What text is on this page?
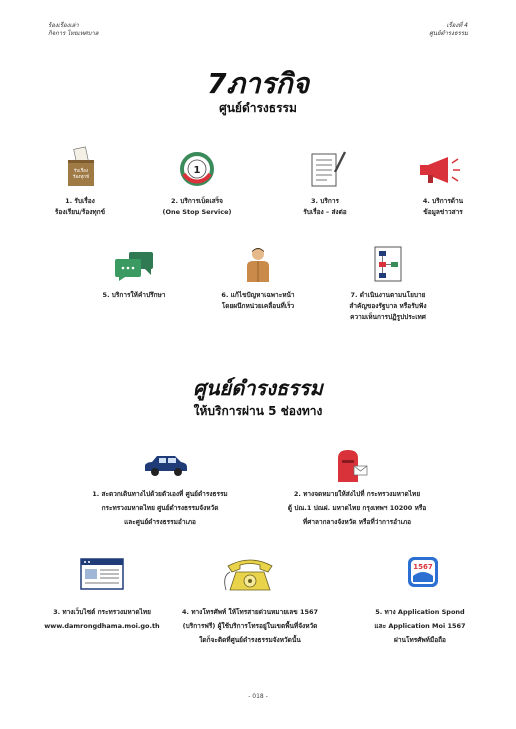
ร้องเรื่องเล่า
กิจการ ไทยเทศบาล
เรื่องที่ 4
ศูนย์ดำรงธรรม
7ภารกิจ
ศูนย์ดำรงธรรม
รับเรื่อง
ร้องทุกข์
1. รับเรื่อง
ร้องเรียน/ร้องทุกข์
1
2. บริการเบ็ดเสร็จ
(One Stop Service)
3. บริการ
รับเรื่อง – ส่งต่อ
4. บริการด้าน
ข้อมูลข่าวสาร
5. บริการให้คำปรึกษา	6. แก้ไขปัญหาเฉพาะหน้า
โดยผนึกหน่วยเคลื่อนที่เร็ว
7. ดำเนินงานตามนโยบาย
สำคัญของรัฐบาล หรือรับฟัง
ความเห็นการปฏิรูปประเทศ
ศูนย์ดำรงธรรม
ให้บริการผ่าน 5 ช่องทาง
1. สะดวกเดินทางไปด้วยตัวเองที่ ศูนย์ดำรงธรรม
กระทรวงมหาดไทย ศูนย์ดำรงธรรมจังหวัด
และศูนย์ดำรงธรรมอำเภอ
2. ทางจดหมายให้ส่งไปที่ กระทรวงมหาดไทย
ตู้ ปณ.1 ปณฝ. มหาดไทย กรุงเทพฯ 10200 หรือ
ที่ศาลากลางจังหวัด หรือที่ว่าการอำเภอ
3. ทางเว็บไซต์ กระทรวงมหาดไทย
www.damrongdhama.moi.go.th
4. ทางโทรศัพท์ ให้โทรสายด่วนหมายเลข 1567
(บริการฟรี) ผู้ใช้บริการโทรอยู่ในเขตพื้นที่จังหวัด
ใดก็จะติดที่ศูนย์ดำรงธรรมจังหวัดนั้น
1567
5. ทาง Application Spond
และ Application Moi 1567
ผ่านโทรศัพท์มือถือ
- 018 -
